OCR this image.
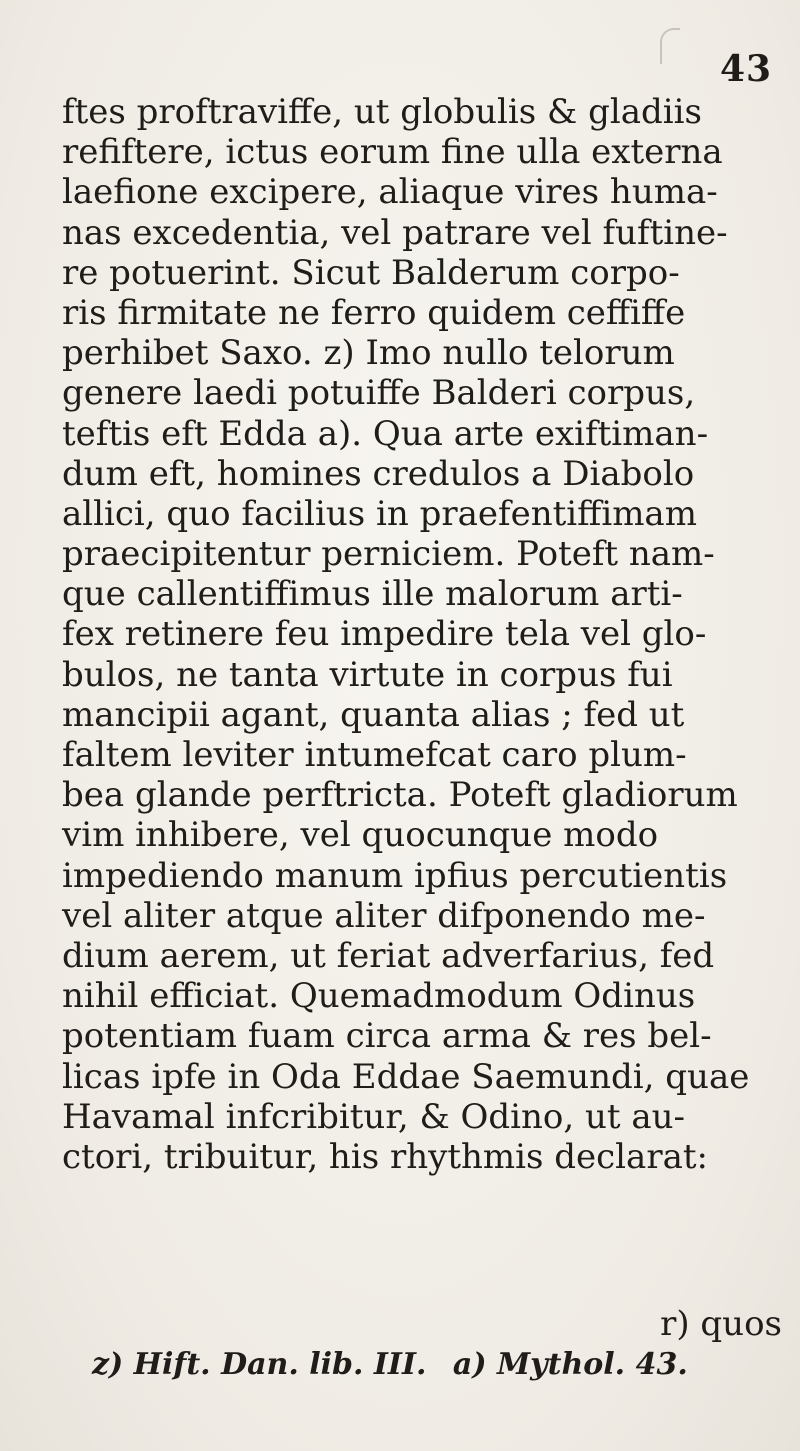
43
ftes proftraviffe, ut globulis & gladiis
refiftere, ictus eorum fine ulla externa
laefione excipere, aliaque vires huma-
nas excedentia, vel patrare vel fuftine-
re potuerint. Sicut Balderum corpo-
ris firmitate ne ferro quidem ceffiffe
perhibet Saxo. z) Imo nullo telorum
genere laedi potuiffe Balderi corpus,
teftis eft Edda a). Qua arte exiftiman-
dum eft, homines credulos a Diabolo
allici, quo facilius in praefentiffimam
praecipitentur perniciem. Poteft nam-
que callentiffimus ille malorum arti-
fex retinere feu impedire tela vel glo-
bulos, ne tanta virtute in corpus fui
mancipii agant, quanta alias ; fed ut
faltem leviter intumefcat caro plum-
bea glande perftricta. Poteft gladiorum
vim inhibere, vel quocunque modo
impediendo manum ipfius percutientis
vel aliter atque aliter difponendo me-
dium aerem, ut feriat adverfarius, fed
nihil efficiat. Quemadmodum Odinus
potentiam fuam circa arma & res bel-
licas ipfe in Oda Eddae Saemundi, quae
Havamal infcribitur, & Odino, ut au-
ctori, tribuitur, his rhythmis declarat:
r) quos
z) Hift. Dan. lib. III. a) Mythol. 43.
